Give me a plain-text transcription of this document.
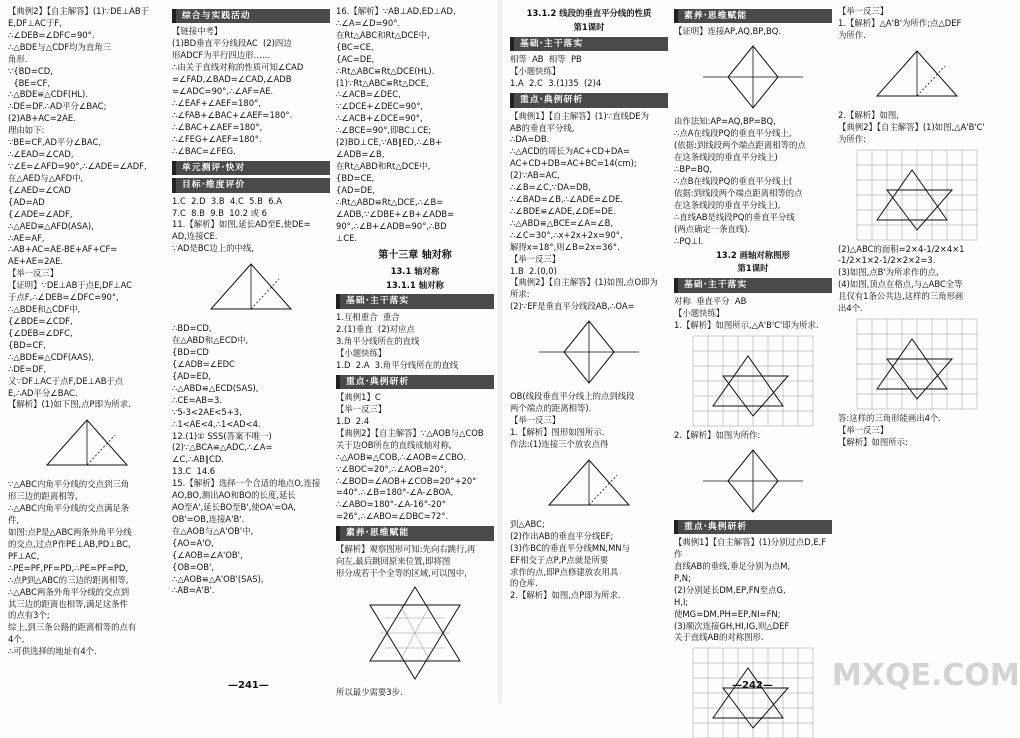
【典例2】【自主解答】(1)∵DE⊥AB于
E,DF⊥AC于F,
∴∠DEB=∠DFC=90°.
∴△BDE与△CDF均为直角三
角形.
∵{BD=CD,
{BE=CF,
∴△BDE≌△CDF(HL).
∴DE=DF.∴AD平分∠BAC;
(2)AB+AC=2AE.
理由如下:
∵BE=CF,AD平分∠BAC,
∴∠EAD=∠CAD,
∵∠E=∠AFD=90°,∴∠ADE=∠ADF,
在△AED与△AFD中,
{∠AED=∠CAD
{AD=AD
{∠ADE=∠ADF,
∴△AED≌△AFD(ASA),
∴AE=AF,
∴AB+AC=AE-BE+AF+CF=
AE+AE=2AE.
【举一反三】
【证明】∵DE⊥AB于点E,DF⊥AC
于点F,∴∠DEB=∠DFC=90°,
∴△BDE和△CDF中,
{∠BDE=∠CDF,
{∠DEB=∠DFC,
{BD=CF,
∴△BDE≌△CDF(AAS),
∴DE=DF,
又∵DF⊥AC于点F,DE⊥AB于点
E,∴AD平分∠BAC.
【解析】(1)如下图,点P即为所求.
∵△ABC内角平分线的交点到三角
形三边的距离相等,
∴△ABC内角平分线的交点满足条
件,
如图:点P是△ABC两条外角平分线
的交点,过点P作PE⊥AB,PD⊥BC,
PF⊥AC,
∴PE=PF,PF=PD,∴PE=PF=PD,
∴点P到△ABC的三边的距离相等,
∴△ABC两条外角平分线的交点到
其三边的距离也相等,满足这条件
的点有3个;
综上,到三条公路的距离相等的点有
4个,
∴可供选择的地址有4个.
综合与实践活动
【链接中考】
(1)BD垂直平分线段AC  (2)四边
形ADCF为平行四边形……
∴由关于直线对称的性质可知∠CAD
=∠FAD,∠BAD=∠CAD,∠ADB
=∠ADC=90°,∴∠AF=AE.
∴∠EAF+∠AEF=180°,
∴∠FAB+∠BAC+∠AEF=180°.
∴∠BAC+∠AEF=180°,
∴∠FEG+∠AEF=180°.
∴∠BAC=∠FEG.
单元测评·快对
目标·维度评价
1.C  2.D  3.B  4.C  5.B  6.A
7.C  8.B  9.B  10.2 或 6
11.【解析】如图,延长AD至E,使DE=
AD,连接CE.
∵AD是BC边上的中线,
∴BD=CD,
在△ABD和△ECD中,
{BD=CD
{∠ADB=∠EDC
{AD=ED,
∴△ABD≌△ECD(SAS),
∴CE=AB=3.
∵5-3<2AE<5+3,
∴1<AE<4,∴1<AD<4.
12.(1)① SSS(答案不唯一)
(2)∵△BCA≌△ADC,∴∠A=
∠C,∴AB∥CD.
13.C  14.6
15.【解析】选择一个合适的地点O,连接
AO,BO,测出AO和BO的长度,延长
AO至A',延长BO至B',使OA'=OA,
OB'=OB,连接A'B'.
在△AOB与△A'OB'中,
{AO=A'O,
{∠AOB=∠A'OB',
{OB=OB',
∴△AOB≌△A'OB'(SAS),
∴AB=A'B'.
16.【解析】∵AB⊥AD,ED⊥AD,
∴∠A=∠D=90°.
在Rt△ABC和Rt△DCE中,
{BC=CE,
{AC=DE,
∴Rt△ABC≌Rt△DCE(HL).
(1)∵Rt△ABC≌Rt△DCE,
∴∠ACB=∠DEC,
∵∠DCE+∠DEC=90°,
∴∠ACB+∠DCE=90°,
∴∠BCE=90°,即BC⊥CE;
(2)BD⊥CE,∵AB∥ED,∴∠B+
∠ADB=∠B,
在Rt△ABD和Rt△DCE中,
{BD=CE,
{AD=DE,
∴Rt△ABD≌Rt△DCE,∴∠B=
∠ADB,∵∠DBE+∠B+∠ADB=
90°,∴∠B+∠ADB=90°,∴BD
⊥CE.
第十三章 轴对称
13.1 轴对称
13.1.1 轴对称
基础·主干落实
1.互相重合  重合
2.(1)垂直  (2)对应点
3.角平分线所在的直线
【小题快练】
1.D  2.A  3.角平分线所在的直线
重点·典例研析
【典例1】C
【举一反三】
1.D  2.4
【典例2】【自主解答】∵△AOB与△COB
关于边OB所在的直线成轴对称,
∴△AOB≌△COB,∴∠AOB=∠CBO.
∵∠BOC=20°,∴∠AOB=20°,
∴∠BOD=∠AOB+∠COB=20°+20°
=40°.∴∠B=180°-∠A-∠BOA,
∴∠ABO=180°-∠A-16°-20°
=26°,∴∠ABO=∠DBC=72°.
素养·思维赋能
【解析】观察图形可知:先向右跳行,再
向左,最后跳回原来位置,即将图
形分成若干个全等的区域,可以图中,
所以最少需要3步.
—241—
13.1.2 线段的垂直平分线的性质
第1课时
基础·主干落实
相等  AB  相等  PB
【小题快练】
1.A  2.C  3.(1)35  (2)4
重点·典例研析
【典例1】【自主解答】(1)∵直线DE为
AB的垂直平分线,
∴DA=DB.
∴△ACD的周长为AC+CD+DA=
AC+CD+DB=AC+BC=14(cm);
(2)∵AB=AC,
∴∠B=∠C,∵DA=DB,
∴∠BAD=∠B,∴∠ADE=∠DE.
∴∠BDE≌∠ADE,∠DE=DE.
∴△ABD≌△BCE=∠A=∠B,
∴∠C=30°,∴x+2x+2x=90°,
解得x=18°,则∠B=2x=36°.
【举一反三】
1.B  2.(0,0)
【典例2】【自主解答】(1)如图,点O即为
所求:
(2)∵EF是垂直平分线段AB,∴OA=
OB(线段垂直平分线上的点到线段
两个端点的距离相等).
【举一反三】
1.【解析】图形如图所示.
作法:(1)连接三个放农点得
到△ABC;
(2)作出AB的垂直平分线EF;
(3)作BC的垂直平分线MN,MN与
EF相交于点P,P点就是所要
求作的点,即P点修建放农用具
的仓库.
2.【解析】如图,点P即为所求.
素养·思维赋能
【证明】连接AP,AQ,BP,BQ.
由作法知:AP=AQ,BP=BQ,
∴点A在线段PQ的垂直平分线上,
(依据:到线段两个端点距离相等的点
在这条线段的垂直平分线上)
∴BP=BQ,
∴点B在线段PQ的垂直平分线上(
依据:到线段两个端点距离相等的点
在这条线段的垂直平分线上),
∴直线AB是线段PQ的垂直平分线
(两点确定一条直线).
∴PQ⊥l.
13.2 画轴对称图形
第1课时
基础·主干落实
对称  垂直平分  AB
【小题快练】
1.【解析】如图所示,△A'B'C'即为所求.
2.【解析】如图为所作:
重点·典例研析
【典例1】【自主解答】(1)分别过点D,E,F作
直线AB的垂线,垂足分别为点M,
P,N;
(2)分别延长DM,EP,FN至点G,
H,I;
使MG=DM,PH=EP,NI=FN;
(3)顺次连接GH,HI,IG,则△DEF
关于直线AB的对称图形.
【举一反三】
1.【解析】△A'B'为所作;点△DEF
为所作.
2.【解析】如图,
【典例2】【自主解答】(1)如图,△A'B'C'
为所作:
(2)△ABC的面积=2×4-1/2×4×1
-1/2×1×2-1/2×2×2=3.
(3)如图,点B'为所求作的点,
(4)如图,顶点在格点,与△ABC全等
且仅有1条公共边,这样的三角形画
出4个.
答:这样的三角形能画出4个.
【举一反三】
【解析】如图所示:
—242— MXQE.COM
